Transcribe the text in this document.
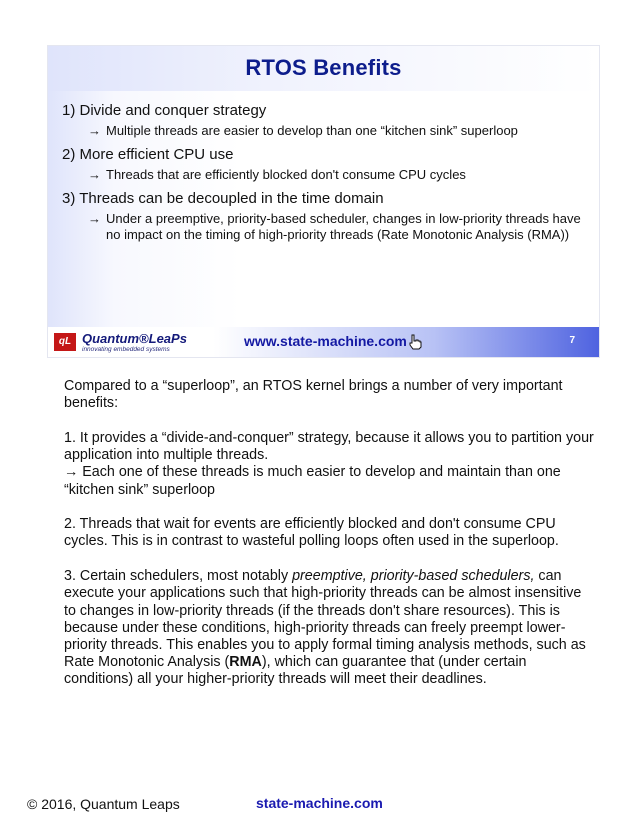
RTOS Benefits

1) Divide and conquer strategy

→ Multiple threads are easier to develop than one “kitchen sink” superloop

2) More efficient CPU use

→ Threads that are efficiently blocked don't consume CPU cycles

3) Threads can be decoupled in the time domain

→ Under a preemptive, priority-based scheduler, changes in low-priority threads have no impact on the timing of high-priority threads (Rate Monotonic Analysis (RMA))
qL Quantum®LeaPs
innovating embedded systems
www.state-machine.com	7

Compared to a “superloop”, an RTOS kernel brings a number of very important benefits:

1. It provides a “divide-and-conquer” strategy, because it allows you to partition your application into multiple threads.

→ Each one of these threads is much easier to develop and maintain than one “kitchen sink” superloop

2. Threads that wait for events are efficiently blocked and don't consume CPU cycles. This is in contrast to wasteful polling loops often used in the superloop.

3. Certain schedulers, most notably preemptive, priority-based schedulers, can execute your applications such that high-priority threads can be almost insensitive to changes in low-priority threads (if the threads don't share resources). This is because under these conditions, high-priority threads can freely preempt lower-priority threads. This enables you to apply formal timing analysis methods, such as Rate Monotonic Analysis (RMA), which can guarantee that (under certain conditions) all your higher-priority threads will meet their deadlines.

© 2016, Quantum Leaps	state-machine.com
